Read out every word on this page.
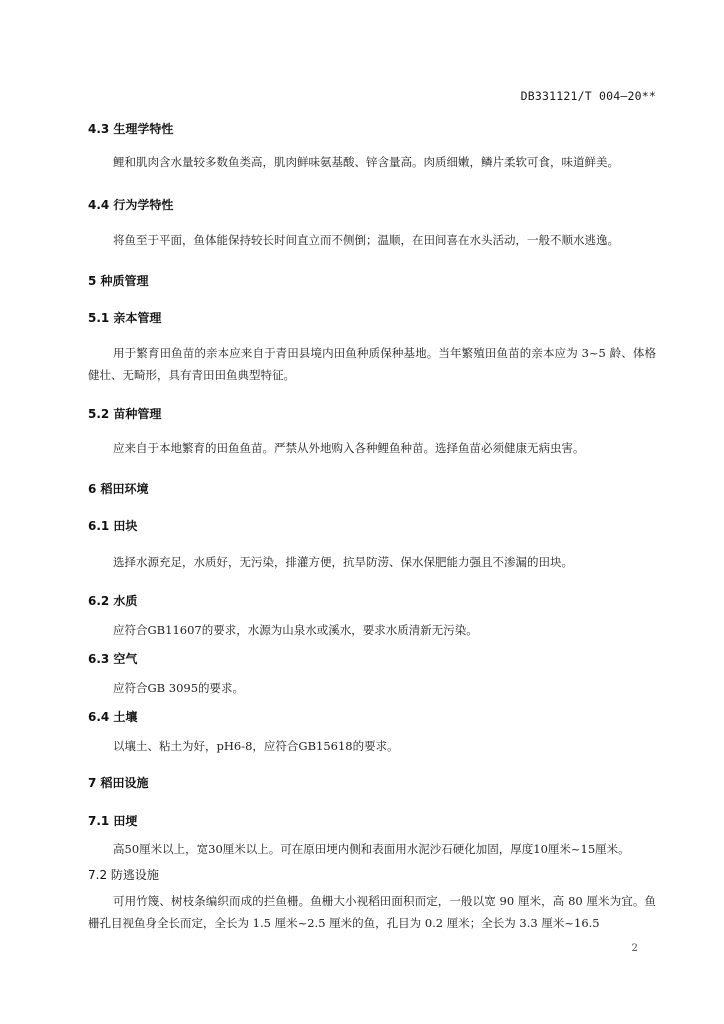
DB331121/T 004—20**
4.3 生理学特性
鲤和肌肉含水量较多数鱼类高，肌肉鲜味氨基酸、锌含量高。肉质细嫩，鳞片柔软可食，味道鲜美。
4.4 行为学特性
将鱼至于平面，鱼体能保持较长时间直立而不侧倒；温顺，在田间喜在水头活动，一般不顺水逃逸。
5 种质管理
5.1 亲本管理
用于繁育田鱼苗的亲本应来自于青田县境内田鱼种质保种基地。当年繁殖田鱼苗的亲本应为 3~5 龄、体格健壮、无畸形，具有青田田鱼典型特征。
5.2 苗种管理
应来自于本地繁育的田鱼鱼苗。严禁从外地购入各种鲤鱼种苗。选择鱼苗必须健康无病虫害。
6 稻田环境
6.1 田块
选择水源充足，水质好，无污染，排灌方便，抗旱防涝、保水保肥能力强且不渗漏的田块。
6.2 水质
应符合GB11607的要求，水源为山泉水或溪水，要求水质清新无污染。
6.3 空气
应符合GB 3095的要求。
6.4 土壤
以壤土、粘土为好，pH6-8，应符合GB15618的要求。
7 稻田设施
7.1 田埂
高50厘米以上，宽30厘米以上。可在原田埂内侧和表面用水泥沙石硬化加固，厚度10厘米~15厘米。
7.2 防逃设施
可用竹篾、树枝条编织而成的拦鱼栅。鱼栅大小视稻田面积而定，一般以宽 90 厘米，高 80 厘米为宜。鱼栅孔目视鱼身全长而定，全长为 1.5 厘米~2.5 厘米的鱼，孔目为 0.2 厘米；全长为 3.3 厘米~16.5
2
